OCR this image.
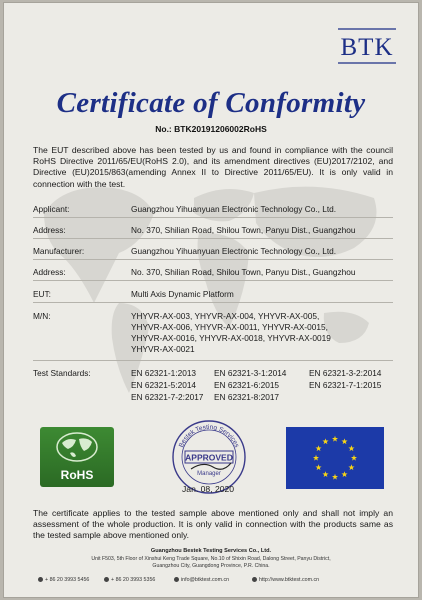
BTK
Certificate of Conformity
No.: BTK20191206002RoHS
The EUT described above has been tested by us and found in compliance with the council RoHS Directive 2011/65/EU(RoHS 2.0), and its amendment directives (EU)2017/2102, and Directive (EU)2015/863(amending Annex II to Directive 2011/65/EU). It is only valid in connection with the test.
Applicant:	Guangzhou Yihuanyuan Electronic Technology Co., Ltd.
Address:	No. 370, Shilian Road, Shilou Town, Panyu Dist., Guangzhou
Manufacturer:	Guangzhou Yihuanyuan Electronic Technology Co., Ltd.
Address:	No. 370, Shilian Road, Shilou Town, Panyu Dist., Guangzhou
EUT:	Multi Axis Dynamic Platform
M/N:	YHYVR-AX-003, YHYVR-AX-004, YHYVR-AX-005,
YHYVR-AX-006, YHYVR-AX-0011, YHYVR-AX-0015,
YHYVR-AX-0016, YHYVR-AX-0018, YHYVR-AX-0019
YHYVR-AX-0021
Test Standards:	EN 62321-1:2013 EN 62321-3-1:2014	EN 62321-3-2:2014
EN 62321-5:2014 EN 62321-6:2015	EN 62321-7-1:2015
EN 62321-7-2:2017 EN 62321-8:2017
RoHS
Bestek Testing Services
APPROVED
Manager
Jan. 08, 2020
The certificate applies to the tested sample above mentioned only and shall not imply an assessment of the whole production. It is only valid in connection with the products same as the tested sample above mentioned only.
Guangzhou Bestek Testing Services Co., Ltd.
Unit F503, 5th Floor of Xinshui Keng Trade Square, No.10 of Shixin Road, Dalong Street, Panyu District,
Guangzhou City, Guangdong Province, P.R. China.
+ 86 20 3993 5456	+ 86 20 3993 5356	info@btktest.com.cn	http://www.btktest.com.cn
